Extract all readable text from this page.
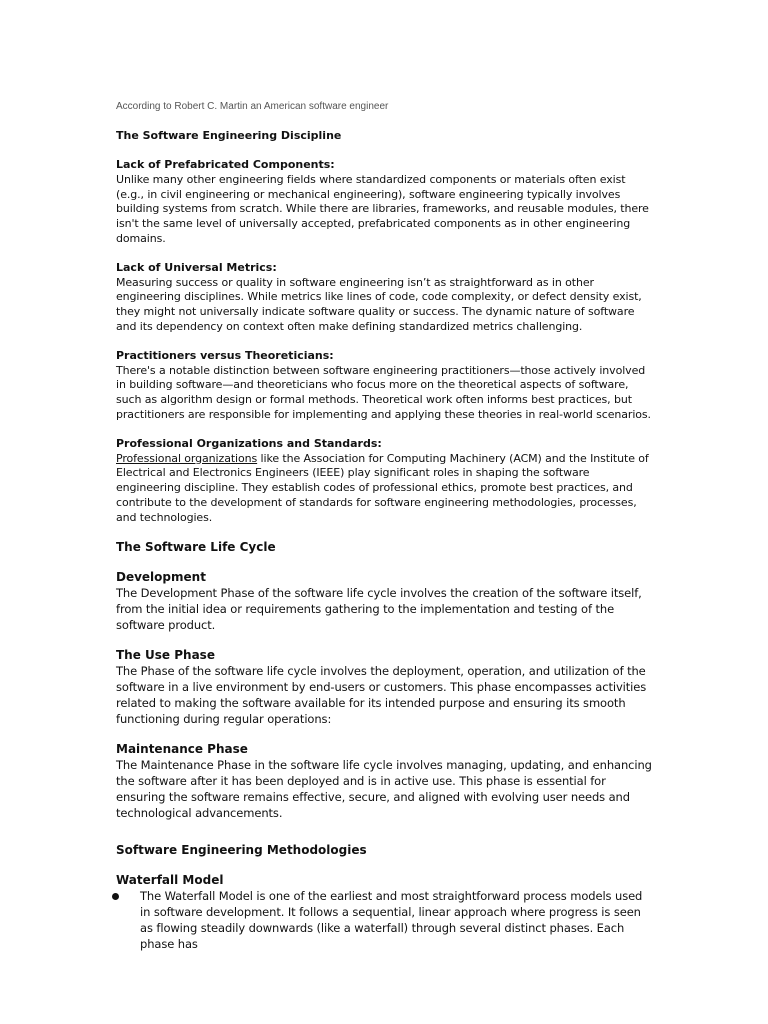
According to Robert C. Martin an American software engineer

The Software Engineering Discipline

Lack of Prefabricated Components:

Unlike many other engineering fields where standardized components or materials often exist (e.g., in civil engineering or mechanical engineering), software engineering typically involves building systems from scratch. While there are libraries, frameworks, and reusable modules, there isn't the same level of universally accepted, prefabricated components as in other engineering domains.

Lack of Universal Metrics:

Measuring success or quality in software engineering isn’t as straightforward as in other engineering disciplines. While metrics like lines of code, code complexity, or defect density exist, they might not universally indicate software quality or success. The dynamic nature of software and its dependency on context often make defining standardized metrics challenging.

Practitioners versus Theoreticians:

There's a notable distinction between software engineering practitioners—those actively involved in building software—and theoreticians who focus more on the theoretical aspects of software, such as algorithm design or formal methods. Theoretical work often informs best practices, but practitioners are responsible for implementing and applying these theories in real-world scenarios.

Professional Organizations and Standards:

Professional organizations like the Association for Computing Machinery (ACM) and the Institute of Electrical and Electronics Engineers (IEEE) play significant roles in shaping the software engineering discipline. They establish codes of professional ethics, promote best practices, and contribute to the development of standards for software engineering methodologies, processes, and technologies.

The Software Life Cycle

Development

The Development Phase of the software life cycle involves the creation of the software itself, from the initial idea or requirements gathering to the implementation and testing of the software product.

The Use Phase

The Phase of the software life cycle involves the deployment, operation, and utilization of the software in a live environment by end-users or customers. This phase encompasses activities related to making the software available for its intended purpose and ensuring its smooth functioning during regular operations:

Maintenance Phase

The Maintenance Phase in the software life cycle involves managing, updating, and enhancing the software after it has been deployed and is in active use. This phase is essential for ensuring the software remains effective, secure, and aligned with evolving user needs and technological advancements.

Software Engineering Methodologies

Waterfall Model

The Waterfall Model is one of the earliest and most straightforward process models used in software development. It follows a sequential, linear approach where progress is seen as flowing steadily downwards (like a waterfall) through several distinct phases. Each phase has
